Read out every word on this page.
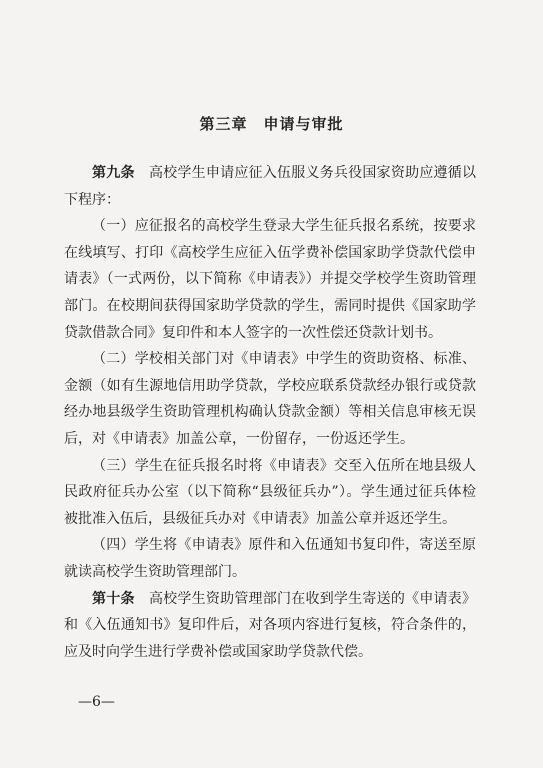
第三章 申请与审批

第九条　 高校学生申请应征入伍服义务兵役国家资助应遵循以下程序：

（一）应征报名的高校学生登录大学生征兵报名系统，按要求在线填写、打印《高校学生应征入伍学费补偿国家助学贷款代偿申请表》（一式两份，以下简称《申请表》）并提交学校学生资助管理部门。在校期间获得国家助学贷款的学生，需同时提供《国家助学贷款借款合同》复印件和本人签字的一次性偿还贷款计划书。

（二）学校相关部门对《申请表》中学生的资助资格、标准、金额（如有生源地信用助学贷款，学校应联系贷款经办银行或贷款经办地县级学生资助管理机构确认贷款金额）等相关信息审核无误后，对《申请表》加盖公章，一份留存，一份返还学生。

（三）学生在征兵报名时将《申请表》交至入伍所在地县级人民政府征兵办公室（以下简称“县级征兵办”）。学生通过征兵体检被批准入伍后，县级征兵办对《申请表》加盖公章并返还学生。

（四）学生将《申请表》原件和入伍通知书复印件，寄送至原就读高校学生资助管理部门。

第十条　 高校学生资助管理部门在收到学生寄送的《申请表》和《入伍通知书》复印件后，对各项内容进行复核，符合条件的，应及时向学生进行学费补偿或国家助学贷款代偿。

—6—
